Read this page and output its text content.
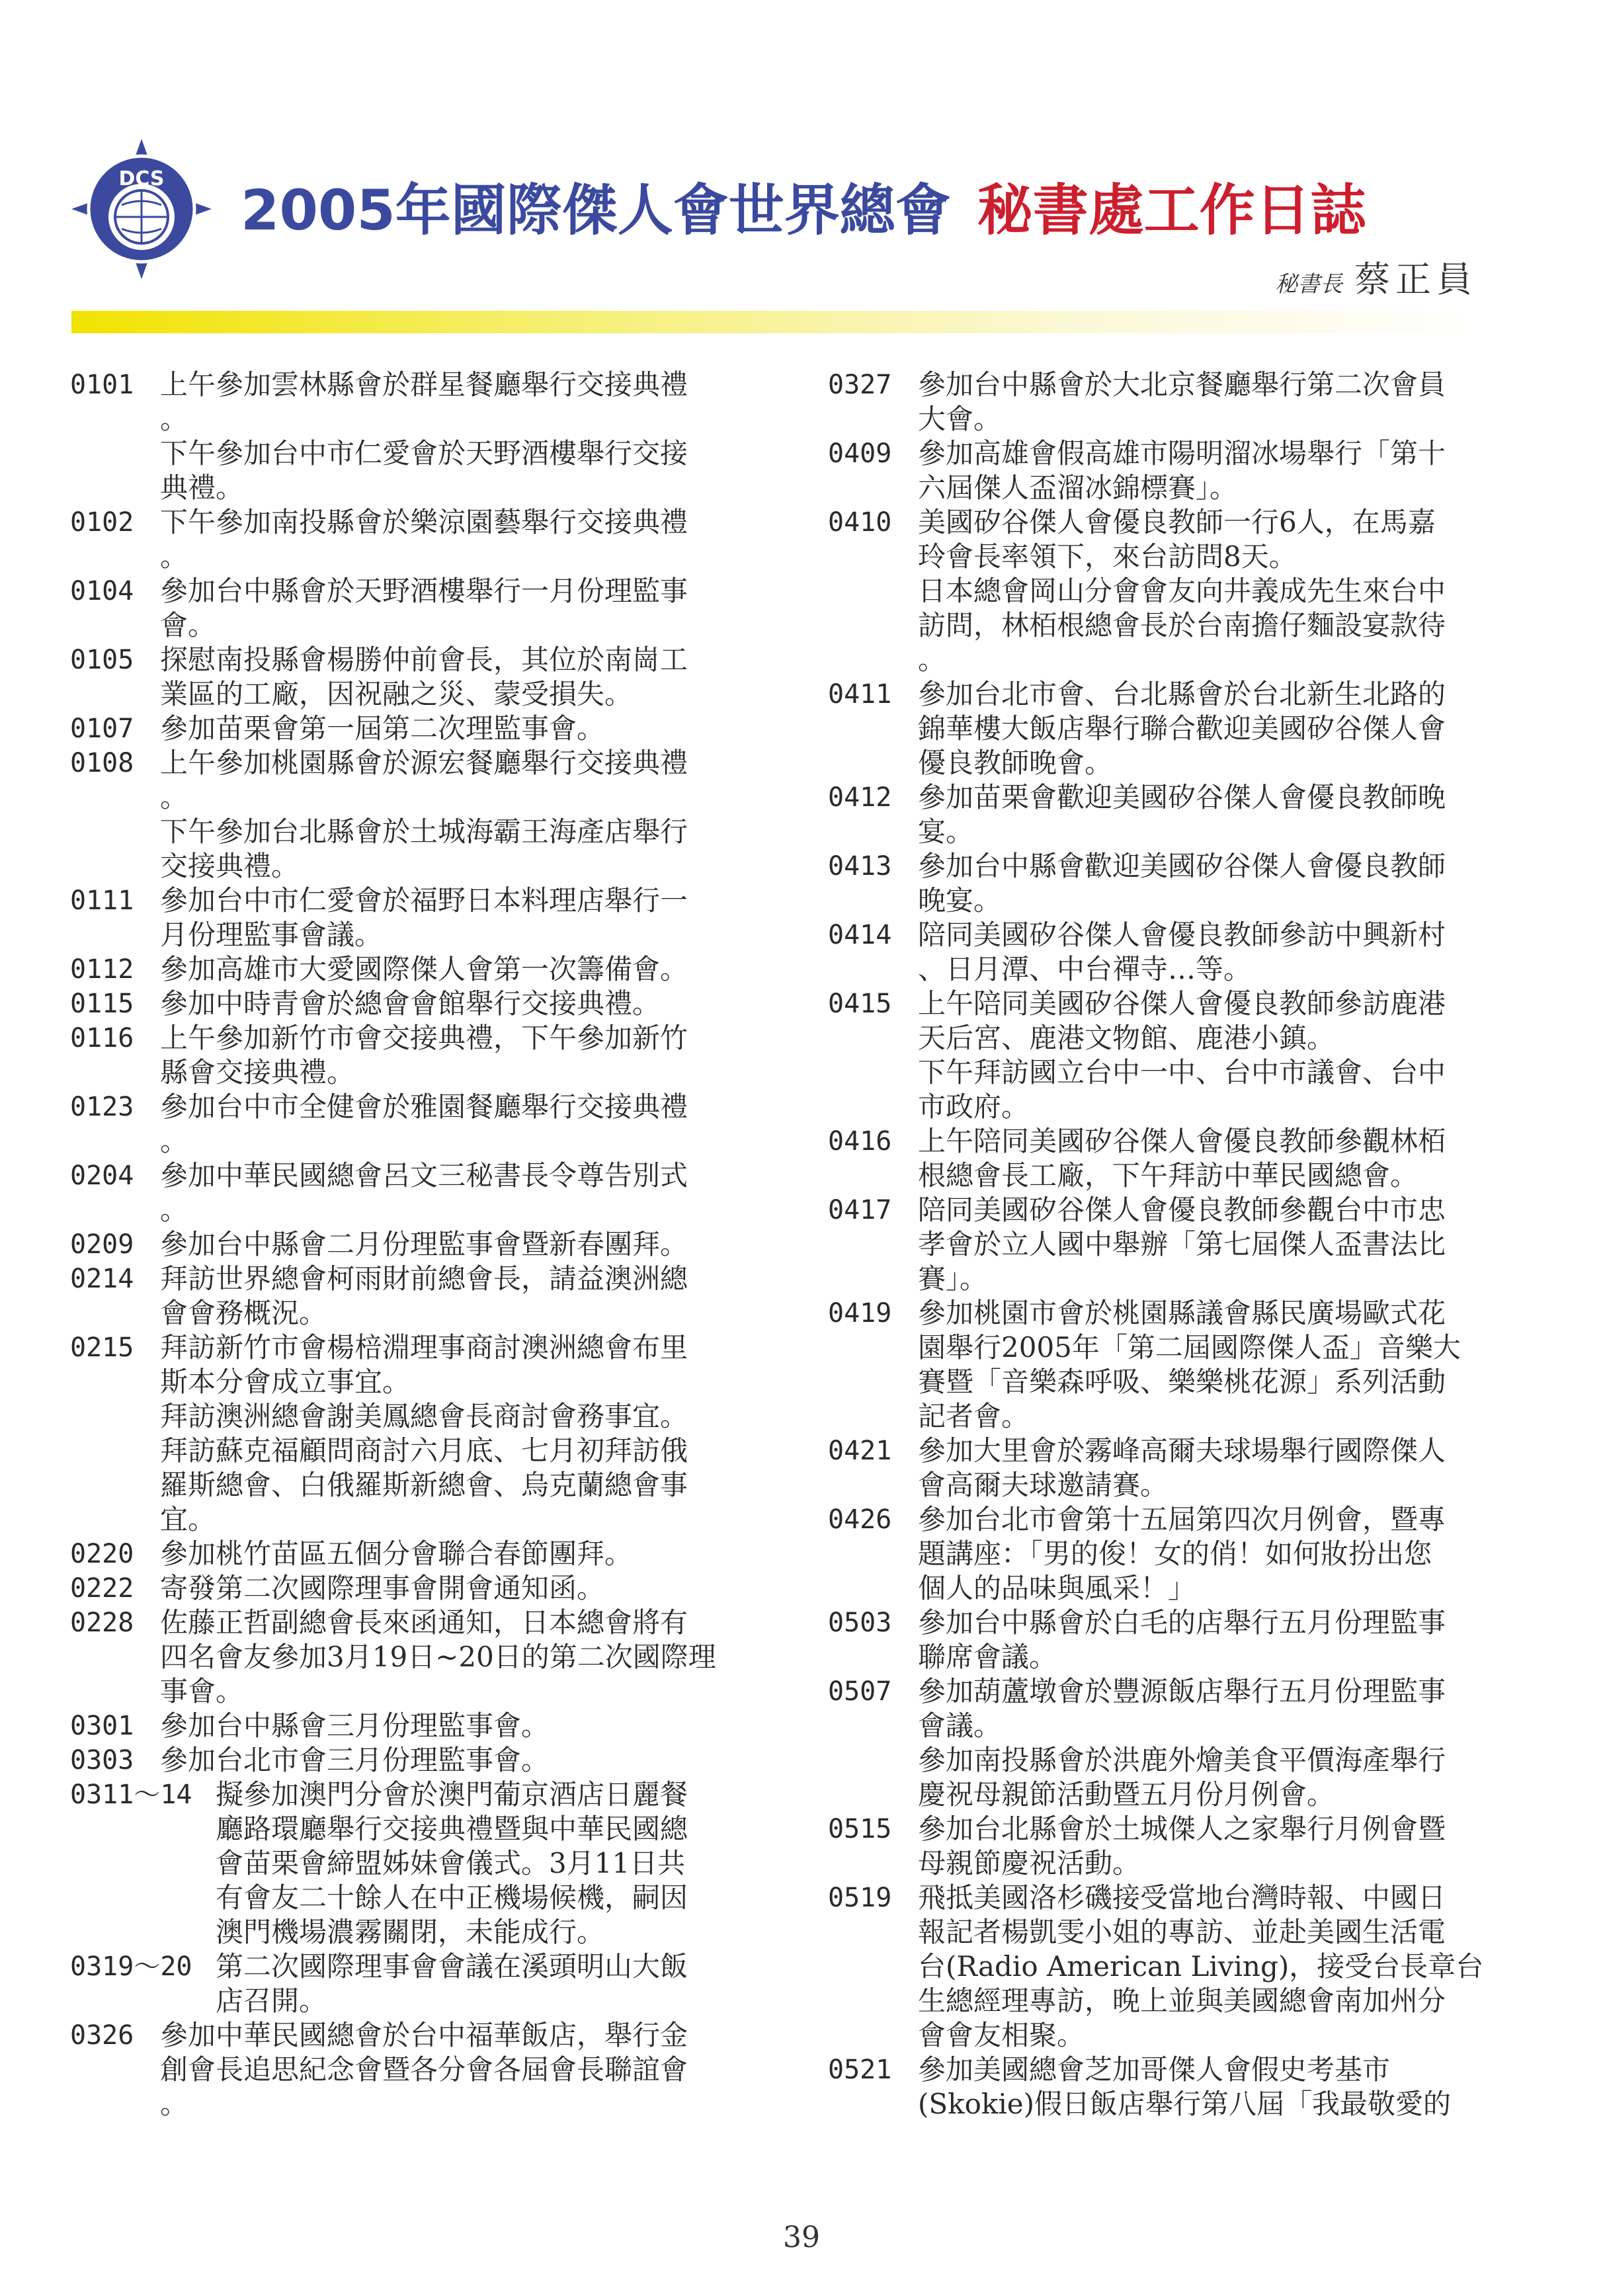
DCS 2005年國際傑人會世界總會 秘書處工作日誌
秘書長 蔡正員
0101 上午參加雲林縣會於群星餐廳舉行交接典禮
。
下午參加台中市仁愛會於天野酒樓舉行交接
典禮。
0102 下午參加南投縣會於樂涼園藝舉行交接典禮
。
0104 參加台中縣會於天野酒樓舉行一月份理監事
會。
0105 探慰南投縣會楊勝仲前會長，其位於南崗工
業區的工廠，因祝融之災、蒙受損失。
0107 參加苗栗會第一屆第二次理監事會。
0108 上午參加桃園縣會於源宏餐廳舉行交接典禮
。
下午參加台北縣會於土城海霸王海產店舉行
交接典禮。
0111 參加台中市仁愛會於福野日本料理店舉行一
月份理監事會議。
0112 參加高雄市大愛國際傑人會第一次籌備會。
0115 參加中時青會於總會會館舉行交接典禮。
0116 上午參加新竹市會交接典禮，下午參加新竹
縣會交接典禮。
0123 參加台中市全健會於雅園餐廳舉行交接典禮
。
0204 參加中華民國總會呂文三秘書長令尊告別式
。
0209 參加台中縣會二月份理監事會暨新春團拜。
0214 拜訪世界總會柯雨財前總會長，請益澳洲總
會會務概況。
0215 拜訪新竹市會楊棓淵理事商討澳洲總會布里
斯本分會成立事宜。
拜訪澳洲總會謝美鳳總會長商討會務事宜。
拜訪蘇克福顧問商討六月底、七月初拜訪俄
羅斯總會、白俄羅斯新總會、烏克蘭總會事
宜。
0220 參加桃竹苗區五個分會聯合春節團拜。
0222 寄發第二次國際理事會開會通知函。
0228 佐藤正哲副總會長來函通知，日本總會將有
四名會友參加3月19日~20日的第二次國際理
事會。
0301 參加台中縣會三月份理監事會。
0303 參加台北市會三月份理監事會。
0311～14 擬參加澳門分會於澳門葡京酒店日麗餐
廳路環廳舉行交接典禮暨與中華民國總
會苗栗會締盟姊妹會儀式。3月11日共
有會友二十餘人在中正機場候機，嗣因
澳門機場濃霧關閉，未能成行。
0319～20 第二次國際理事會會議在溪頭明山大飯
店召開。
0326 參加中華民國總會於台中福華飯店，舉行金
創會長追思紀念會暨各分會各屆會長聯誼會
。
0327 參加台中縣會於大北京餐廳舉行第二次會員
大會。
0409 參加高雄會假高雄市陽明溜冰場舉行「第十
六屆傑人盃溜冰錦標賽」。
0410 美國矽谷傑人會優良教師一行6人，在馬嘉
玲會長率領下，來台訪問8天。
日本總會岡山分會會友向井義成先生來台中
訪問，林栢根總會長於台南擔仔麵設宴款待
。
0411 參加台北市會、台北縣會於台北新生北路的
錦華樓大飯店舉行聯合歡迎美國矽谷傑人會
優良教師晚會。
0412 參加苗栗會歡迎美國矽谷傑人會優良教師晚
宴。
0413 參加台中縣會歡迎美國矽谷傑人會優良教師
晚宴。
0414 陪同美國矽谷傑人會優良教師參訪中興新村
、日月潭、中台禪寺…等。
0415 上午陪同美國矽谷傑人會優良教師參訪鹿港
天后宮、鹿港文物館、鹿港小鎮。
下午拜訪國立台中一中、台中市議會、台中
市政府。
0416 上午陪同美國矽谷傑人會優良教師參觀林栢
根總會長工廠，下午拜訪中華民國總會。
0417 陪同美國矽谷傑人會優良教師參觀台中市忠
孝會於立人國中舉辦「第七屆傑人盃書法比
賽」。
0419 參加桃園市會於桃園縣議會縣民廣場歐式花
園舉行2005年「第二屆國際傑人盃」音樂大
賽暨「音樂森呼吸、樂樂桃花源」系列活動
記者會。
0421 參加大里會於霧峰高爾夫球場舉行國際傑人
會高爾夫球邀請賽。
0426 參加台北市會第十五屆第四次月例會，暨專
題講座：「男的俊！女的俏！如何妝扮出您
個人的品味與風采！」
0503 參加台中縣會於白毛的店舉行五月份理監事
聯席會議。
0507 參加葫蘆墩會於豐源飯店舉行五月份理監事
會議。
參加南投縣會於洪鹿外燴美食平價海產舉行
慶祝母親節活動暨五月份月例會。
0515 參加台北縣會於土城傑人之家舉行月例會暨
母親節慶祝活動。
0519 飛抵美國洛杉磯接受當地台灣時報、中國日
報記者楊凱雯小姐的專訪、並赴美國生活電
台(Radio American Living)，接受台長章台
生總經理專訪，晚上並與美國總會南加州分
會會友相聚。
0521 參加美國總會芝加哥傑人會假史考基市
(Skokie)假日飯店舉行第八屆「我最敬愛的
39
